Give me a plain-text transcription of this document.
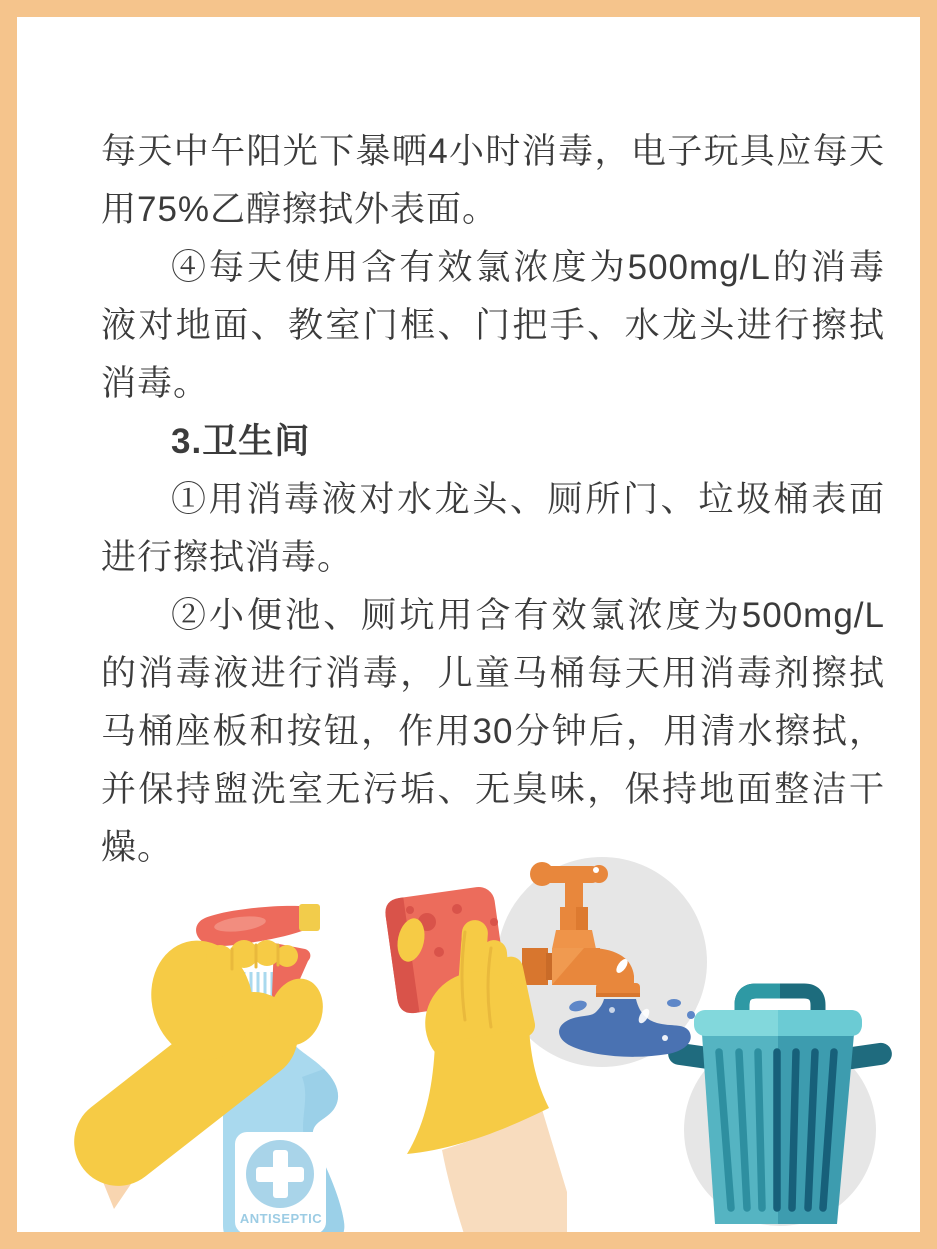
每天中午阳光下暴晒4小时消毒，电子玩具应每天用75%乙醇擦拭外表面。

④每天使用含有效氯浓度为500mg/L的消毒液对地面、教室门框、门把手、水龙头进行擦拭消毒。

3.卫生间

①用消毒液对水龙头、厕所门、垃圾桶表面进行擦拭消毒。

②小便池、厕坑用含有效氯浓度为500mg/L的消毒液进行消毒，儿童马桶每天用消毒剂擦拭马桶座板和按钮，作用30分钟后，用清水擦拭，并保持盥洗室无污垢、无臭味，保持地面整洁干燥。

ANTISEPTIC
